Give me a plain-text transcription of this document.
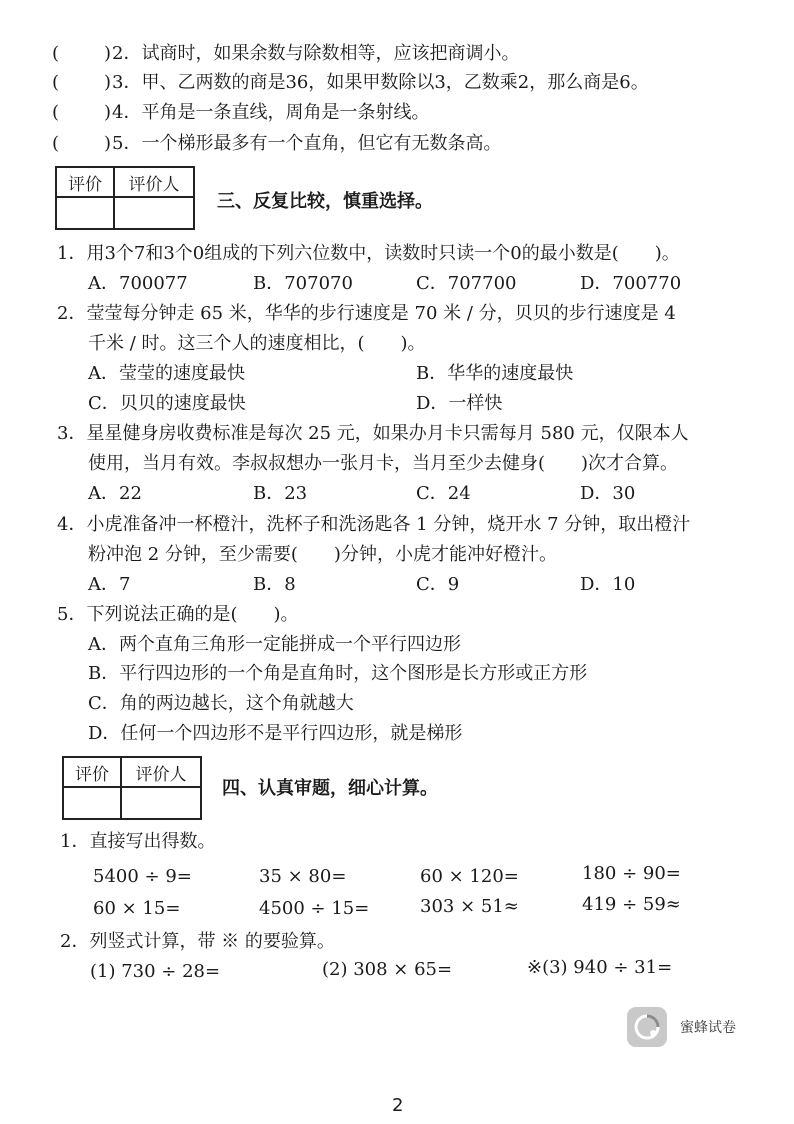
( ) 2．试商时，如果余数与除数相等，应该把商调小。
( ) 3．甲、乙两数的商是36，如果甲数除以3，乙数乘2，那么商是6。
( ) 4．平角是一条直线，周角是一条射线。
( ) 5．一个梯形最多有一个直角，但它有无数条高。
评价	评价人

三、反复比较，慎重选择。
1．用3个7和3个0组成的下列六位数中，读数时只读一个0的最小数是(　　)。
A．700077	B．707070	C．707700	D．700770
2．莹莹每分钟走 65 米，华华的步行速度是 70 米 / 分，贝贝的步行速度是 4
千米 / 时。这三个人的速度相比，(　　)。
A．莹莹的速度最快	B．华华的速度最快
C．贝贝的速度最快	D．一样快
3．星星健身房收费标准是每次 25 元，如果办月卡只需每月 580 元，仅限本人
使用，当月有效。李叔叔想办一张月卡，当月至少去健身(　　)次才合算。
A．22	B．23	C．24	D．30
4．小虎准备冲一杯橙汁，洗杯子和洗汤匙各 1 分钟，烧开水 7 分钟，取出橙汁
粉冲泡 2 分钟，至少需要(　　)分钟，小虎才能冲好橙汁。
A．7	B．8	C．9	D．10
5．下列说法正确的是(　　)。
A．两个直角三角形一定能拼成一个平行四边形
B．平行四边形的一个角是直角时，这个图形是长方形或正方形
C．角的两边越长，这个角就越大
D．任何一个四边形不是平行四边形，就是梯形
评价	评价人

四、认真审题，细心计算。
1．直接写出得数。
5400 ÷ 9=	35 × 80=	60 × 120=	180 ÷ 90=
60 × 15=	4500 ÷ 15=	303 × 51≈	419 ÷ 59≈
2．列竖式计算，带 ※ 的要验算。
(1) 730 ÷ 28=	(2) 308 × 65=	※(3) 940 ÷ 31=
蜜蜂试卷
2
